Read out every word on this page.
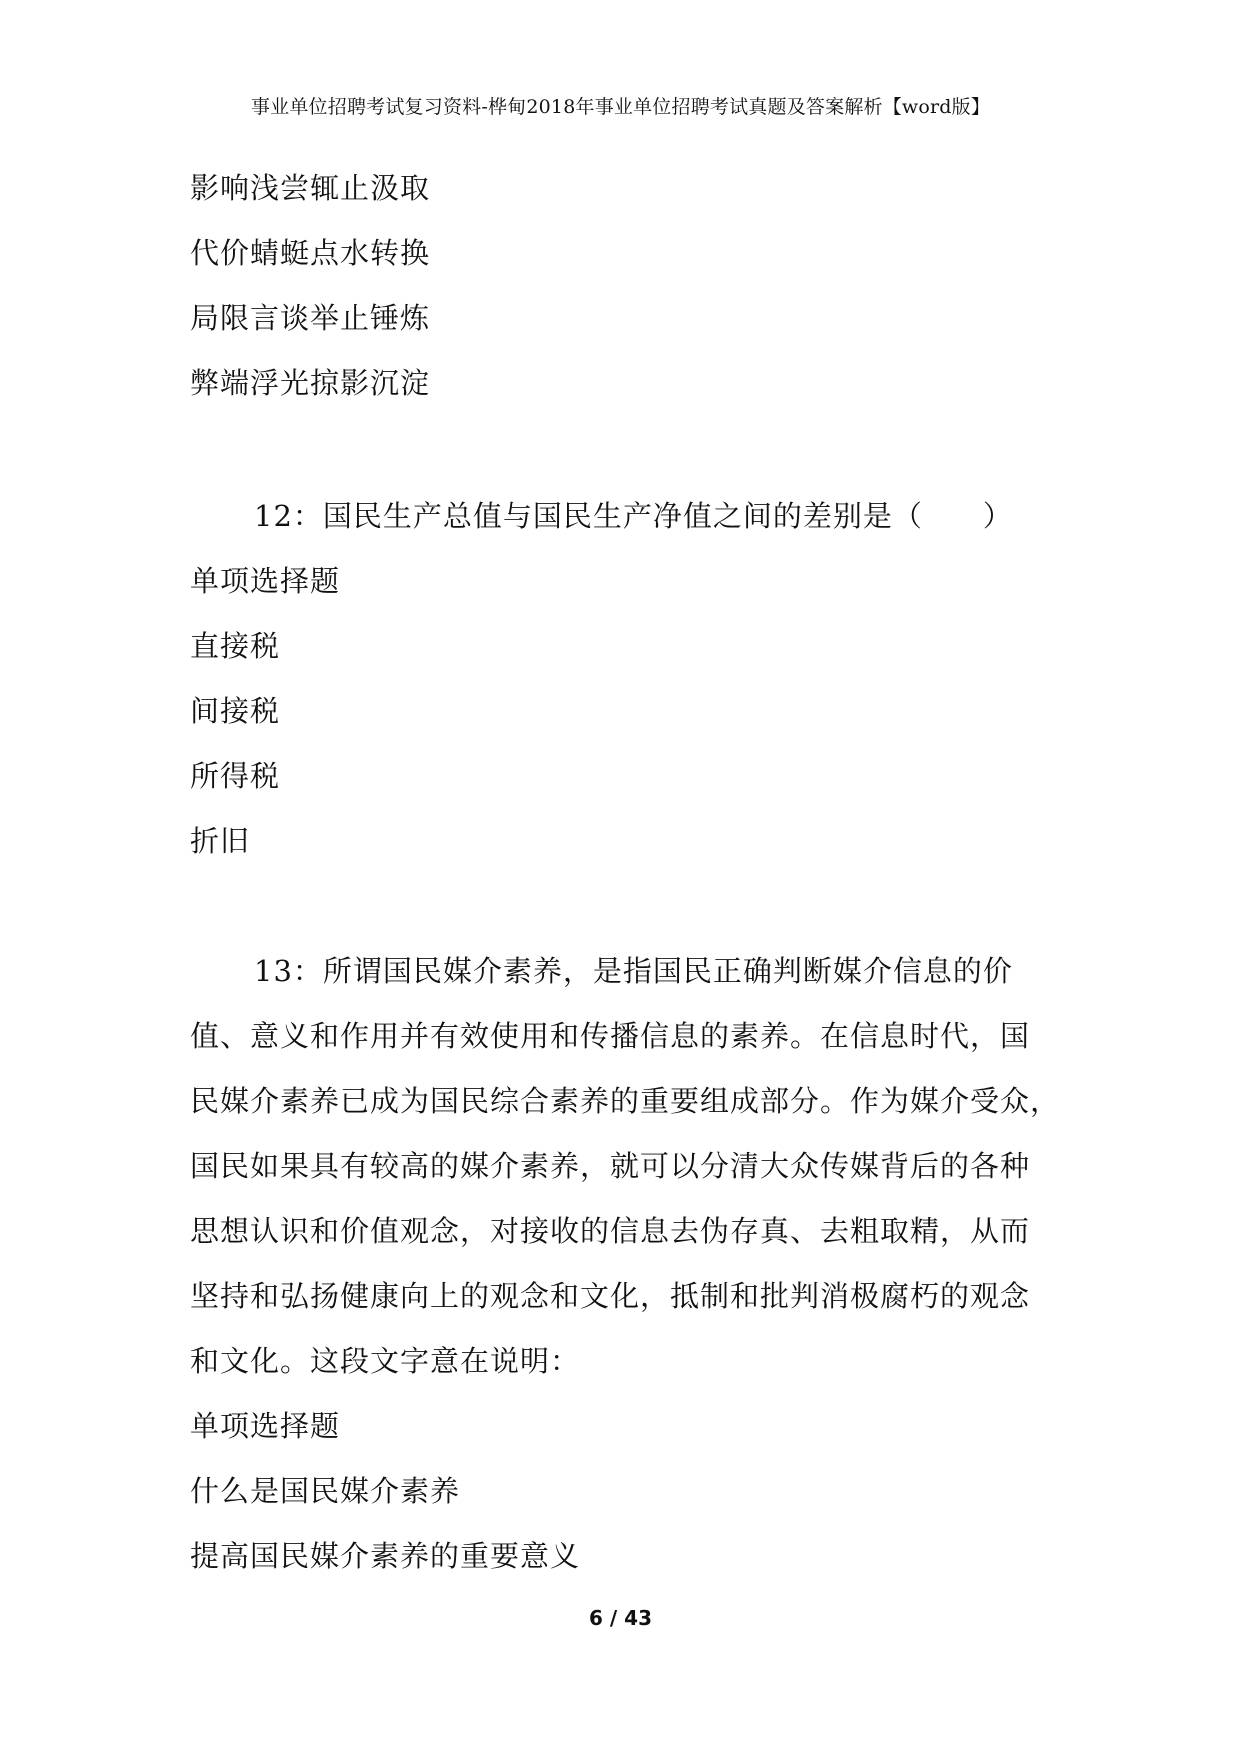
事业单位招聘考试复习资料-桦甸2018年事业单位招聘考试真题及答案解析【word版】
影响浅尝辄止汲取
代价蜻蜓点水转换
局限言谈举止锤炼
弊端浮光掠影沉淀
12：国民生产总值与国民生产净值之间的差别是（　　）
单项选择题
直接税
间接税
所得税
折旧
13：所谓国民媒介素养，是指国民正确判断媒介信息的价
值、意义和作用并有效使用和传播信息的素养。在信息时代，国
民媒介素养已成为国民综合素养的重要组成部分。作为媒介受众，
国民如果具有较高的媒介素养，就可以分清大众传媒背后的各种
思想认识和价值观念，对接收的信息去伪存真、去粗取精，从而
坚持和弘扬健康向上的观念和文化，抵制和批判消极腐朽的观念
和文化。这段文字意在说明：
单项选择题
什么是国民媒介素养
提高国民媒介素养的重要意义
6 / 43
